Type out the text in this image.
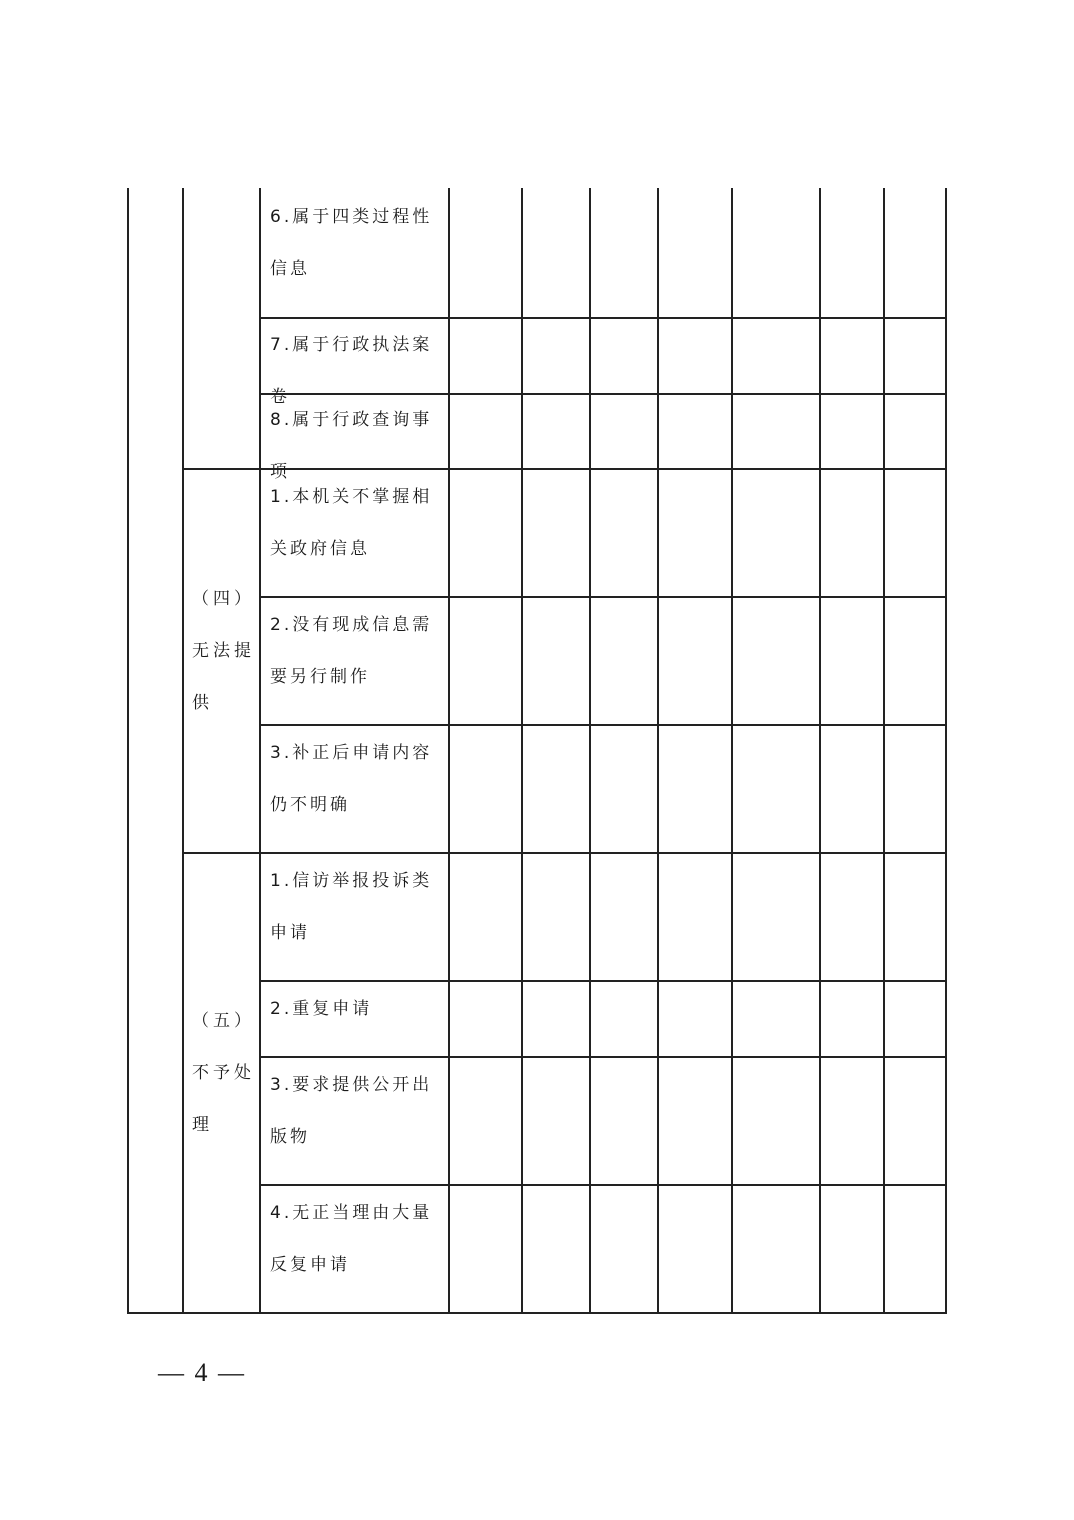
6.属于四类过程性信息

7.属于行政执法案卷

8.属于行政查询事项

1.本机关不掌握相关政府信息

2.没有现成信息需要另行制作

3.补正后申请内容仍不明确

1.信访举报投诉类申请

2.重复申请

3.要求提供公开出版物

4.无正当理由大量反复申请

（四）无法提供

（五）不予处理

— 4 —
